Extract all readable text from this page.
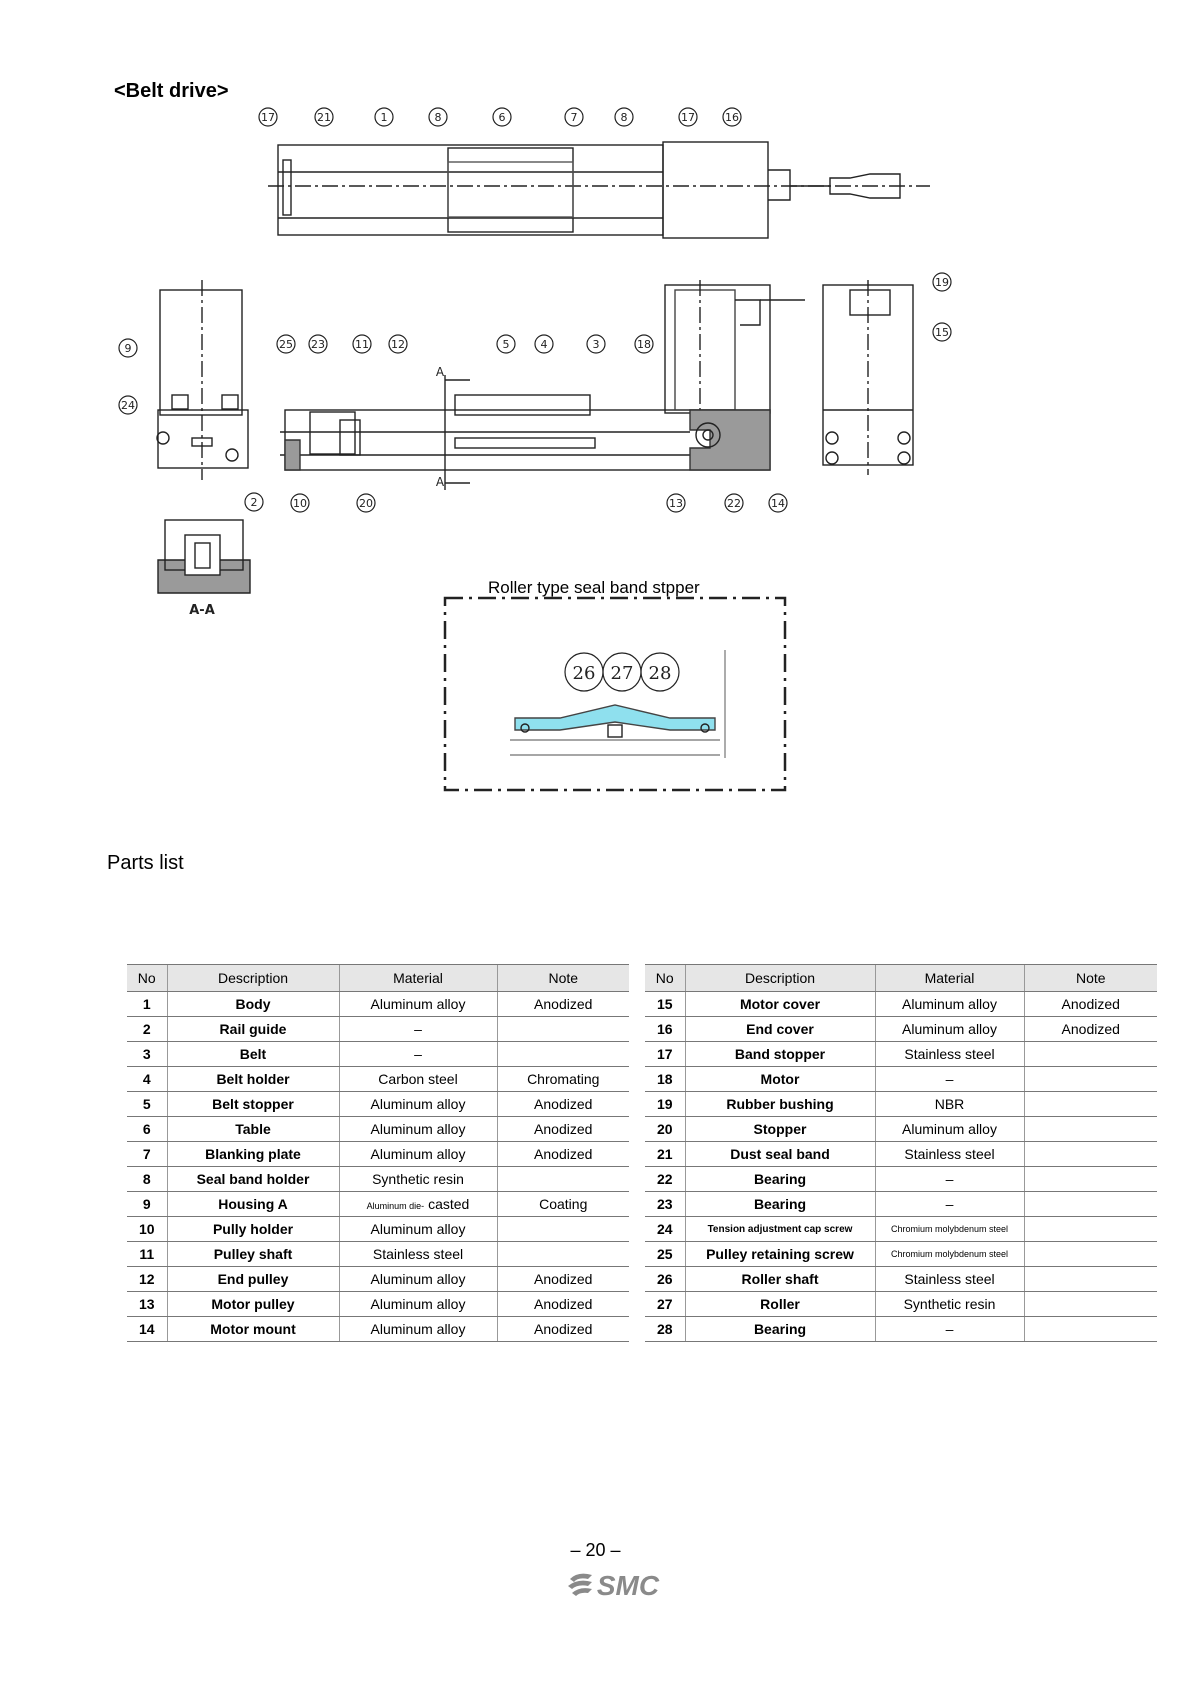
<Belt drive>
17	21	1	8	6	7	8	17	16
9
24
25 23	11 12	5	4	3	18
10	20	13	22	14
19
15
2
A
A
A-A
26 27 28
Roller type seal band stpper
Parts list
No	Description	Material	Note
1	Body	Aluminum alloy	Anodized
2	Rail guide	–	
3	Belt	–	
4	Belt holder	Carbon steel	Chromating
5	Belt stopper	Aluminum alloy	Anodized
6	Table	Aluminum alloy	Anodized
7	Blanking plate	Aluminum alloy	Anodized
8	Seal band holder	Synthetic resin	
9	Housing A	Aluminum die- casted	Coating
10	Pully holder	Aluminum alloy	
11	Pulley shaft	Stainless steel	
12	End pulley	Aluminum alloy	Anodized
13	Motor pulley	Aluminum alloy	Anodized
14	Motor mount	Aluminum alloy	Anodized
No	Description	Material	Note
15	Motor cover	Aluminum alloy	Anodized
16	End cover	Aluminum alloy	Anodized
17	Band stopper	Stainless steel	
18	Motor	–	
19	Rubber bushing	NBR	
20	Stopper	Aluminum alloy	
21	Dust seal band	Stainless steel	
22	Bearing	–	
23	Bearing	–	
24	Tension adjustment cap screw	Chromium molybdenum steel	
25	Pulley retaining screw	Chromium molybdenum steel	
26	Roller shaft	Stainless steel	
27	Roller	Synthetic resin	
28	Bearing	–	
– 20 –
SMC
